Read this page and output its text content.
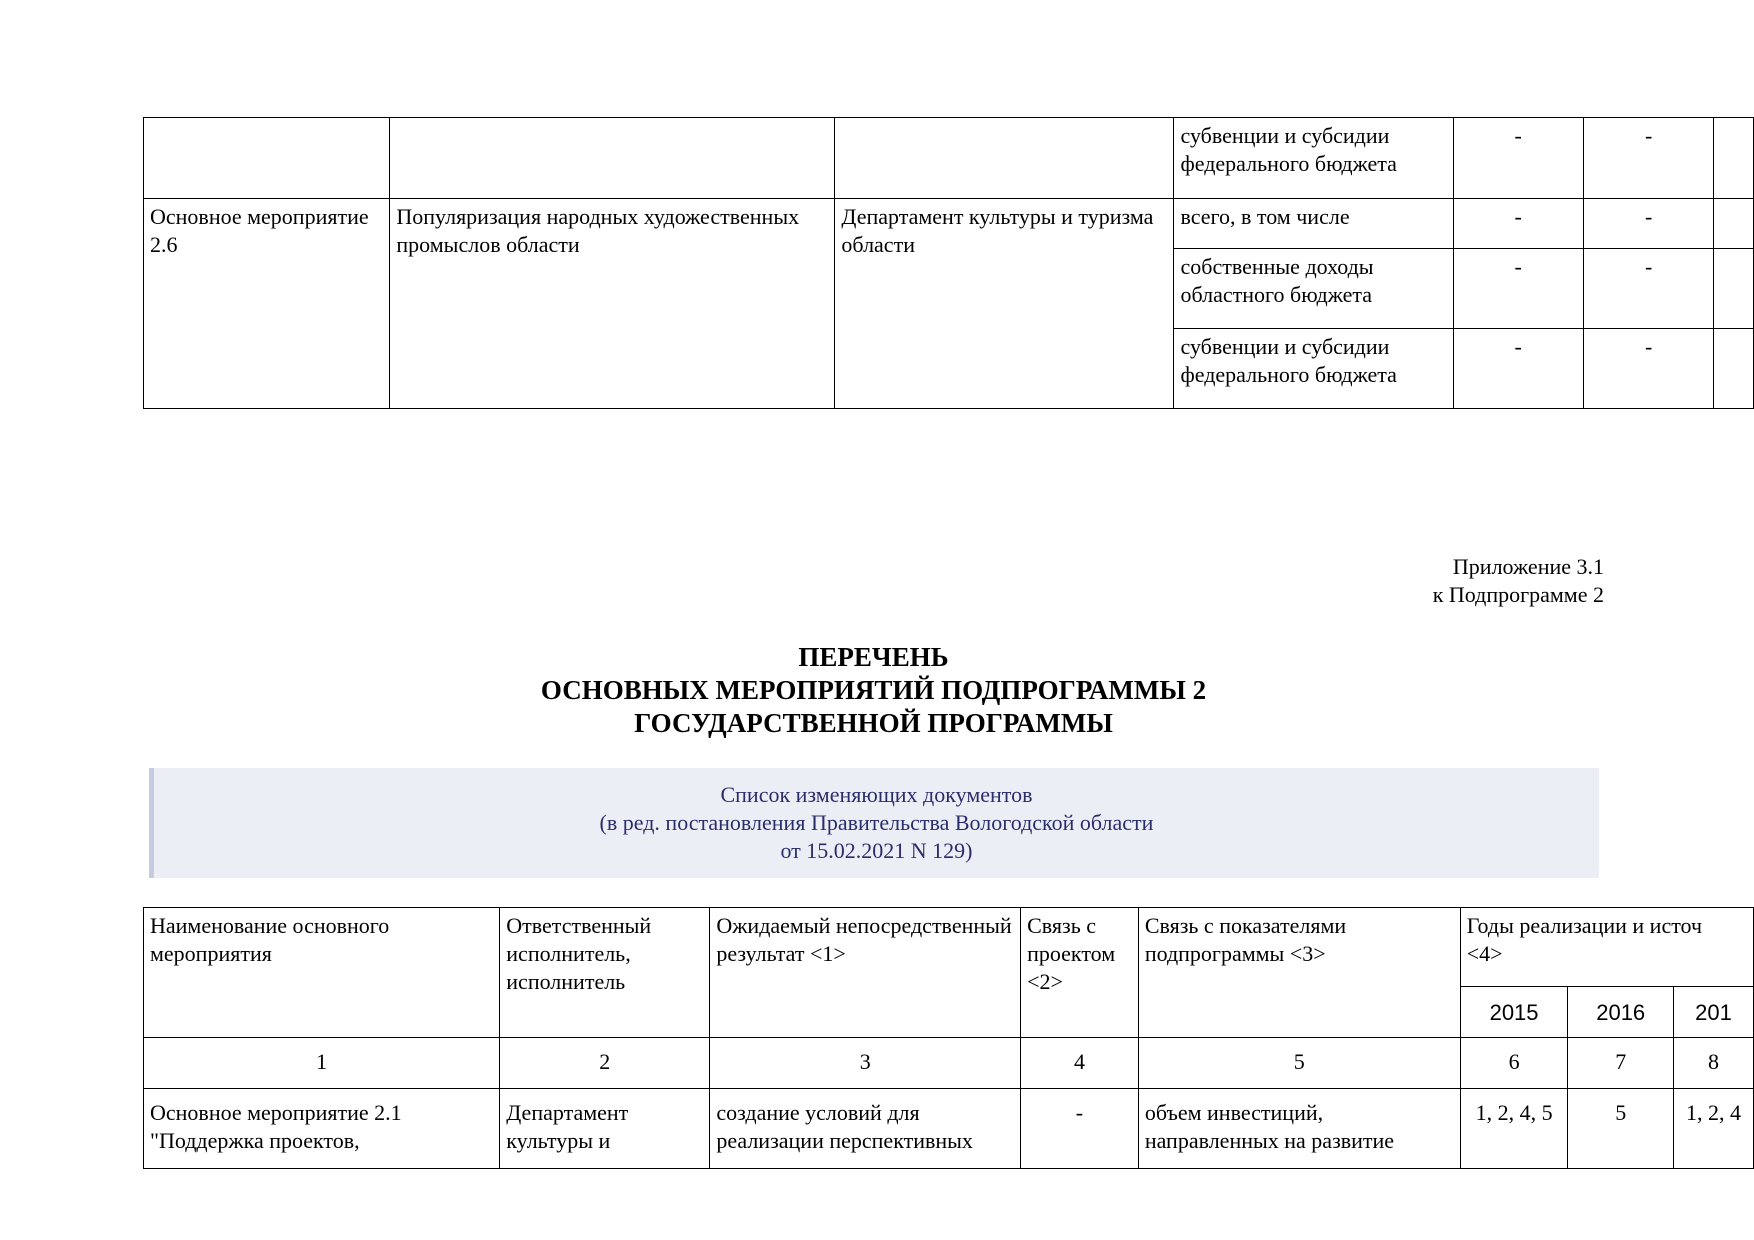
			субвенции и субсидии федерального бюджета	-	-	
Основное мероприятие 2.6	Популяризация народных художественных промыслов области	Департамент культуры и туризма области	всего, в том числе	-	-	
			собственные доходы областного бюджета	-	-	
			субвенции и субсидии федерального бюджета	-	-	
Приложение 3.1
к Подпрограмме 2
ПЕРЕЧЕНЬ
ОСНОВНЫХ МЕРОПРИЯТИЙ ПОДПРОГРАММЫ 2
ГОСУДАРСТВЕННОЙ ПРОГРАММЫ
Список изменяющих документов
(в ред. постановления Правительства Вологодской области
от 15.02.2021 N 129)
Наименование основного мероприятия	Ответственный исполнитель, исполнитель	Ожидаемый непосредственный результат <1>	Связь с проектом <2>	Связь с показателями подпрограммы <3>	Годы реализации и источ
<4>		
					2015	2016	201
1	2	3	4	5	6	7	8
Основное мероприятие 2.1 "Поддержка проектов,	Департамент культуры и	создание условий для реализации перспективных	-	объем инвестиций, направленных на развитие	1, 2, 4, 5	5	1, 2, 4
